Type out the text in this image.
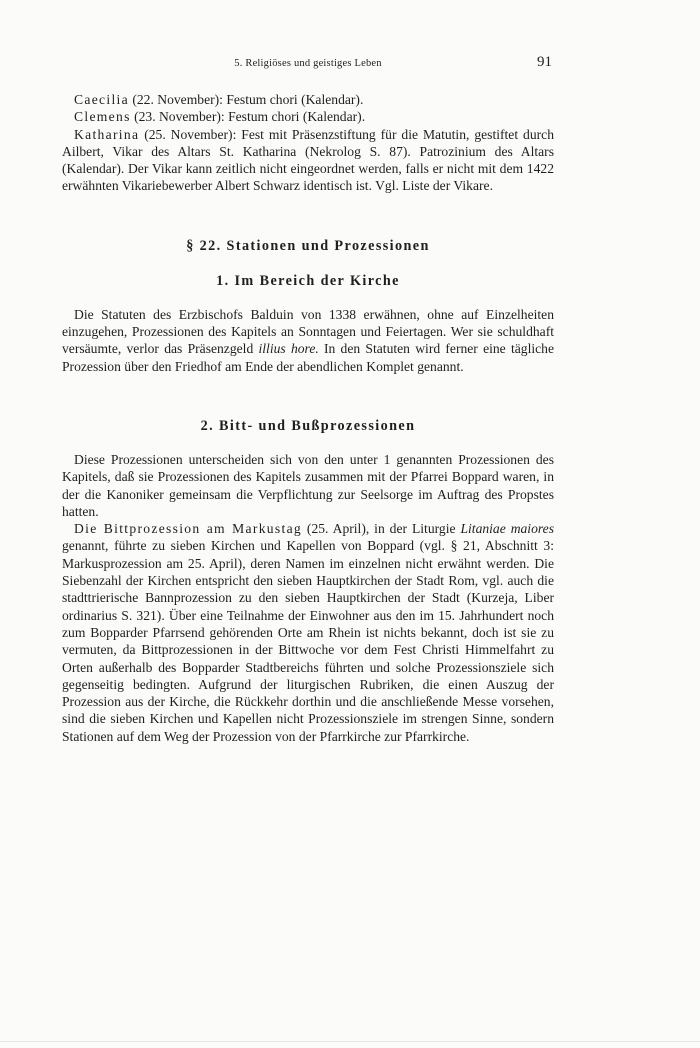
5. Religiöses und geistiges Leben	91

Caecilia (22. November): Festum chori (Kalendar).

Clemens (23. November): Festum chori (Kalendar).

Katharina (25. November): Fest mit Präsenzstiftung für die Matutin, gestiftet durch Ailbert, Vikar des Altars St. Katharina (Nekrolog S. 87). Patrozinium des Altars (Kalendar). Der Vikar kann zeitlich nicht eingeordnet werden, falls er nicht mit dem 1422 erwähnten Vikariebewerber Albert Schwarz identisch ist. Vgl. Liste der Vikare.

§ 22. Stationen und Prozessionen
1. Im Bereich der Kirche

Die Statuten des Erzbischofs Balduin von 1338 erwähnen, ohne auf Einzelheiten einzugehen, Prozessionen des Kapitels an Sonntagen und Feiertagen. Wer sie schuldhaft versäumte, verlor das Präsenzgeld illius hore. In den Statuten wird ferner eine tägliche Prozession über den Friedhof am Ende der abendlichen Komplet genannt.

2. Bitt- und Bußprozessionen

Diese Prozessionen unterscheiden sich von den unter 1 genannten Prozessionen des Kapitels, daß sie Prozessionen des Kapitels zusammen mit der Pfarrei Boppard waren, in der die Kanoniker gemeinsam die Verpflichtung zur Seelsorge im Auftrag des Propstes hatten.

Die Bittprozession am Markustag (25. April), in der Liturgie Litaniae maiores genannt, führte zu sieben Kirchen und Kapellen von Boppard (vgl. § 21, Abschnitt 3: Markusprozession am 25. April), deren Namen im einzelnen nicht erwähnt werden. Die Siebenzahl der Kirchen entspricht den sieben Hauptkirchen der Stadt Rom, vgl. auch die stadttrierische Bannprozession zu den sieben Hauptkirchen der Stadt (Kurzeja, Liber ordinarius S. 321). Über eine Teilnahme der Einwohner aus den im 15. Jahrhundert noch zum Bopparder Pfarrsend gehörenden Orte am Rhein ist nichts bekannt, doch ist sie zu vermuten, da Bittprozessionen in der Bittwoche vor dem Fest Christi Himmelfahrt zu Orten außerhalb des Bopparder Stadtbereichs führten und solche Prozessionsziele sich gegenseitig bedingten. Aufgrund der liturgischen Rubriken, die einen Auszug der Prozession aus der Kirche, die Rückkehr dorthin und die anschließende Messe vorsehen, sind die sieben Kirchen und Kapellen nicht Prozessionsziele im strengen Sinne, sondern Stationen auf dem Weg der Prozession von der Pfarrkirche zur Pfarrkirche.
